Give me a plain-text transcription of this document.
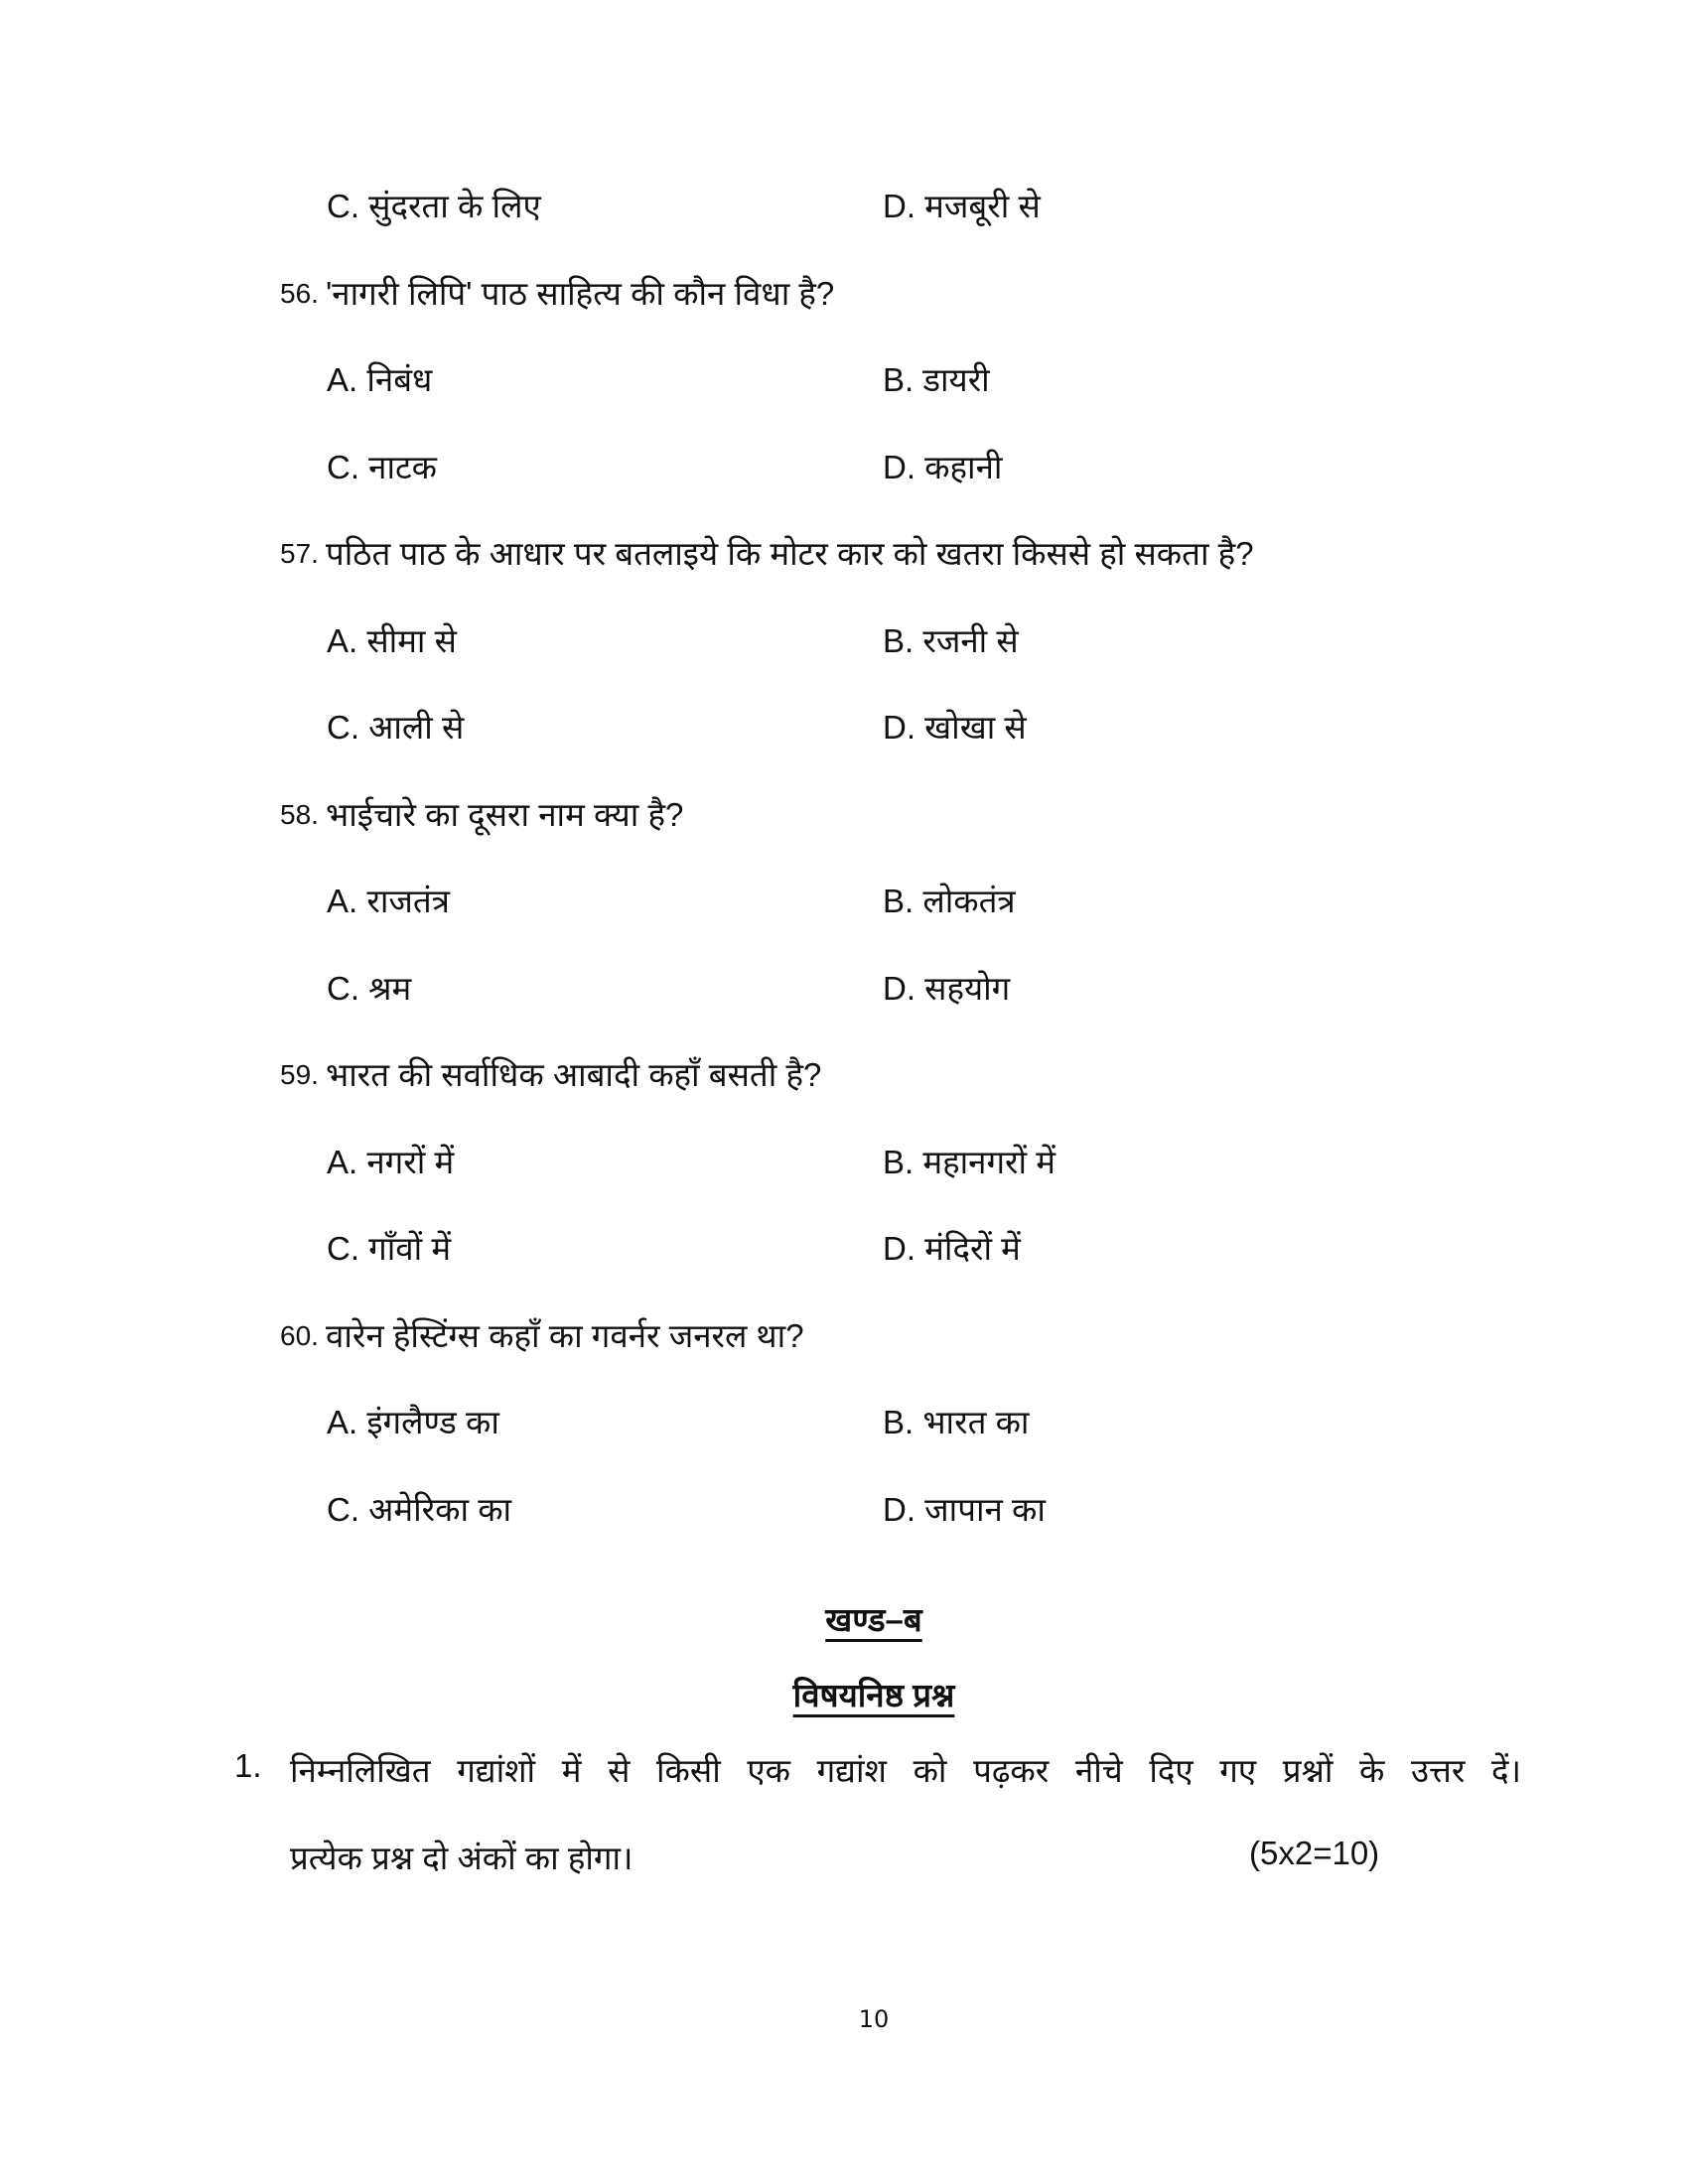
C. सुंदरता के लिए	D. मजबूरी से
56. 'नागरी लिपि' पाठ साहित्य की कौन विधा है?
A. निबंध	B. डायरी
C. नाटक	D. कहानी
57. पठित पाठ के आधार पर बतलाइये कि मोटर कार को खतरा किससे हो सकता है?
A. सीमा से	B. रजनी से
C. आली से	D. खोखा से
58. भाईचारे का दूसरा नाम क्या है?
A. राजतंत्र	B. लोकतंत्र
C. श्रम	D. सहयोग
59. भारत की सर्वाधिक आबादी कहाँ बसती है?
A. नगरों में	B. महानगरों में
C. गाँवों में	D. मंदिरों में
60. वारेन हेस्टिंग्स कहाँ का गवर्नर जनरल था?
A. इंगलैण्ड का	B. भारत का
C. अमेरिका का	D. जापान का
खण्ड–ब
विषयनिष्ठ प्रश्न
1. निम्नलिखित गद्यांशों में से किसी एक गद्यांश को पढ़कर नीचे दिए गए प्रश्नों के उत्तर दें।
प्रत्येक प्रश्न दो अंकों का होगा।	(5x2=10)
10
